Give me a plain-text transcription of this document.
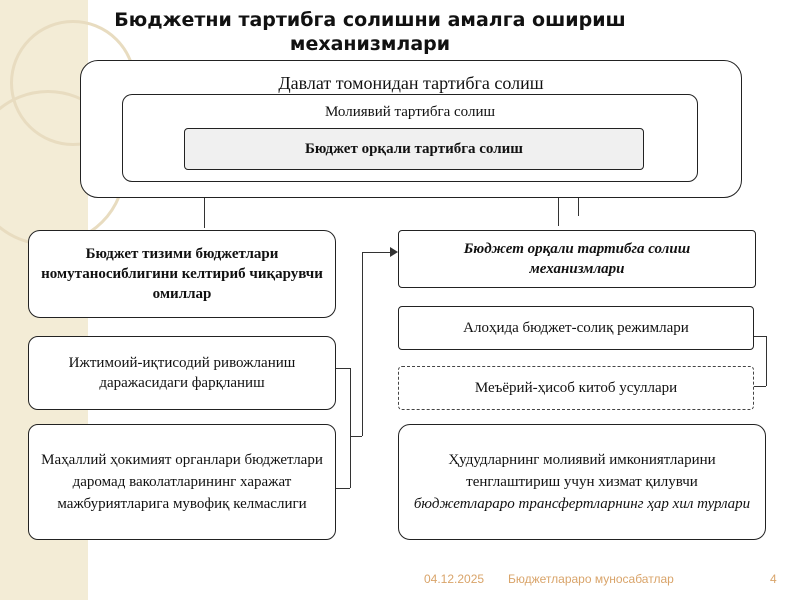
Бюджетни тартибга солишни амалга ошириш механизмлари
Давлат томонидан тартибга солиш
Молиявий тартибга солиш
Бюджет орқали тартибга солиш
Бюджет тизими бюджетлари номутаносиблигини келтириб чиқарувчи омиллар
Ижтимоий-иқтисодий ривожланиш даражасидаги фарқланиш
Маҳаллий ҳокимият органлари бюджетлари даромад ваколатларининг харажат мажбуриятларига мувофиқ келмаслиги
Бюджет орқали тартибга солиш механизмлари
Алоҳида бюджет-солиқ режимлари
Меъёрий-ҳисоб китоб усуллари
Ҳудудларнинг молиявий имкониятларини тенглаштириш учун хизмат қилувчи
бюджетлараро трансфертларнинг ҳар хил турлари
04.12.2025 Бюджетлараро муносабатлар	4
